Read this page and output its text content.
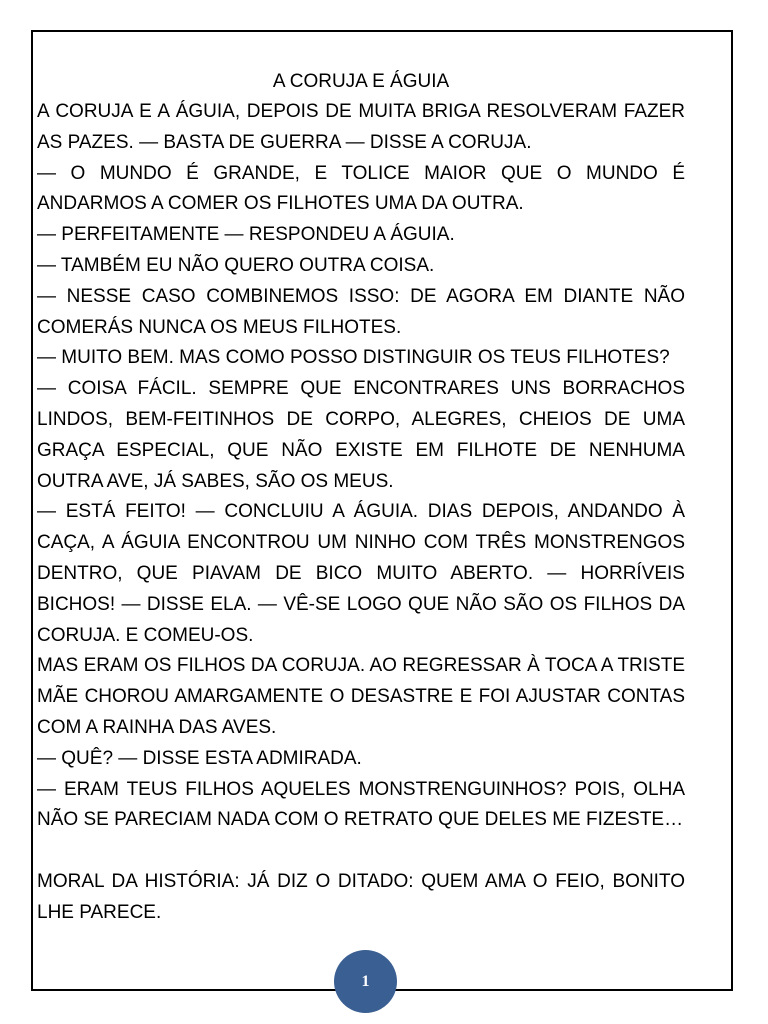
A CORUJA E ÁGUIA

A CORUJA E A ÁGUIA, DEPOIS DE MUITA BRIGA RESOLVERAM FAZER AS PAZES. — BASTA DE GUERRA — DISSE A CORUJA.

— O MUNDO É GRANDE, E TOLICE MAIOR QUE O MUNDO É ANDARMOS A COMER OS FILHOTES UMA DA OUTRA.

— PERFEITAMENTE — RESPONDEU A ÁGUIA.

— TAMBÉM EU NÃO QUERO OUTRA COISA.

— NESSE CASO COMBINEMOS ISSO: DE AGORA EM DIANTE NÃO COMERÁS NUNCA OS MEUS FILHOTES.

— MUITO BEM. MAS COMO POSSO DISTINGUIR OS TEUS FILHOTES?

— COISA FÁCIL. SEMPRE QUE ENCONTRARES UNS BORRACHOS LINDOS, BEM-FEITINHOS DE CORPO, ALEGRES, CHEIOS DE UMA GRAÇA ESPECIAL, QUE NÃO EXISTE EM FILHOTE DE NENHUMA OUTRA AVE, JÁ SABES, SÃO OS MEUS.

— ESTÁ FEITO! — CONCLUIU A ÁGUIA. DIAS DEPOIS, ANDANDO À CAÇA, A ÁGUIA ENCONTROU UM NINHO COM TRÊS MONSTRENGOS DENTRO, QUE PIAVAM DE BICO MUITO ABERTO. — HORRÍVEIS BICHOS! — DISSE ELA. — VÊ-SE LOGO QUE NÃO SÃO OS FILHOS DA CORUJA. E COMEU-OS.

MAS ERAM OS FILHOS DA CORUJA. AO REGRESSAR À TOCA A TRISTE MÃE CHOROU AMARGAMENTE O DESASTRE E FOI AJUSTAR CONTAS COM A RAINHA DAS AVES.

— QUÊ? — DISSE ESTA ADMIRADA.

— ERAM TEUS FILHOS AQUELES MONSTRENGUINHOS? POIS, OLHA NÃO SE PARECIAM NADA COM O RETRATO QUE DELES ME FIZESTE…

MORAL DA HISTÓRIA: JÁ DIZ O DITADO: QUEM AMA O FEIO, BONITO LHE PARECE.

1
